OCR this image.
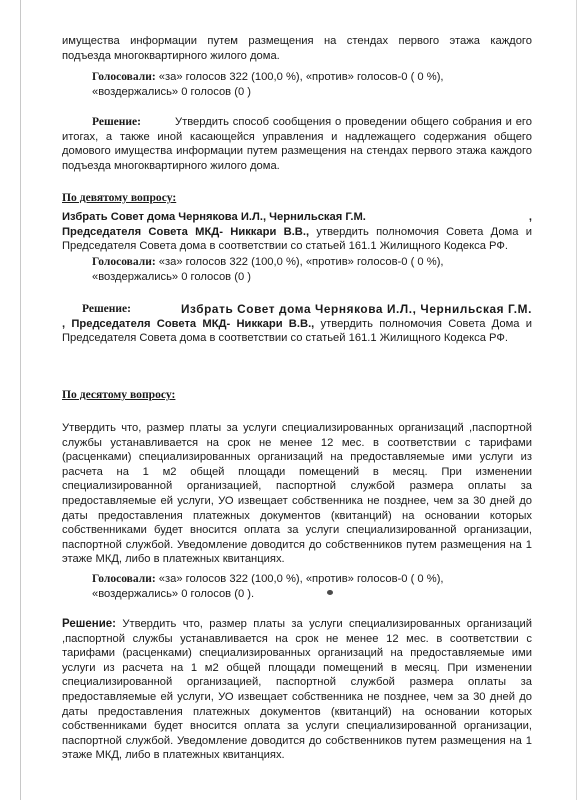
имущества информации путем размещения на стендах первого этажа каждого
подъезда многоквартирного жилого дома.
Голосовали: «за» голосов 322 (100,0 %), «против» голосов-0 ( 0 %),
«воздержались» 0 голосов (0 )
Решение:	Утвердить способ сообщения о проведении общего собрания и его итогах, а также иной касающейся управления и надлежащего содержания общего домового имущества информации путем размещения на стендах первого этажа каждого подъезда многоквартирного жилого дома.
По девятому вопросу:
Избрать Совет дома Чернякова И.Л., Чернильская Г.М.	,
Председателя Совета МКД- Никкари В.В., утвердить полномочия Совета Дома и Председателя Совета дома в соответствии со статьей 161.1 Жилищного Кодекса РФ.
Голосовали: «за» голосов 322 (100,0 %), «против» голосов-0 ( 0 %),
«воздержались» 0 голосов (0 )
Решение:	Избрать Совет дома Чернякова И.Л., Чернильская Г.М.
, Председателя Совета МКД- Никкари В.В., утвердить полномочия Совета Дома и Председателя Совета дома в соответствии со статьей 161.1 Жилищного Кодекса РФ.
По десятому вопросу:
Утвердить что, размер платы за услуги специализированных организаций ,паспортной службы устанавливается на срок не менее 12 мес. в соответствии с тарифами (расценками) специализированных организаций на предоставляемые ими услуги из расчета на 1 м2 общей площади помещений в месяц. При изменении специализированной организацией, паспортной службой размера оплаты за предоставляемые ей услуги, УО извещает собственника не позднее, чем за 30 дней до даты предоставления платежных документов (квитанций) на основании которых собственниками будет вносится оплата за услуги специализированной организации, паспортной службой. Уведомление доводится до собственников путем размещения на 1 этаже МКД, либо в платежных квитанциях.
Голосовали: «за» голосов 322 (100,0 %), «против» голосов-0 ( 0 %),
«воздержались» 0 голосов (0 ).
Решение: Утвердить что, размер платы за услуги специализированных организаций ,паспортной службы устанавливается на срок не менее 12 мес. в соответствии с тарифами (расценками) специализированных организаций на предоставляемые ими услуги из расчета на 1 м2 общей площади помещений в месяц. При изменении специализированной организацией, паспортной службой размера оплаты за предоставляемые ей услуги, УО извещает собственника не позднее, чем за 30 дней до даты предоставления платежных документов (квитанций) на основании которых собственниками будет вносится оплата за услуги специализированной организации, паспортной службой. Уведомление доводится до собственников путем размещения на 1 этаже МКД, либо в платежных квитанциях.
